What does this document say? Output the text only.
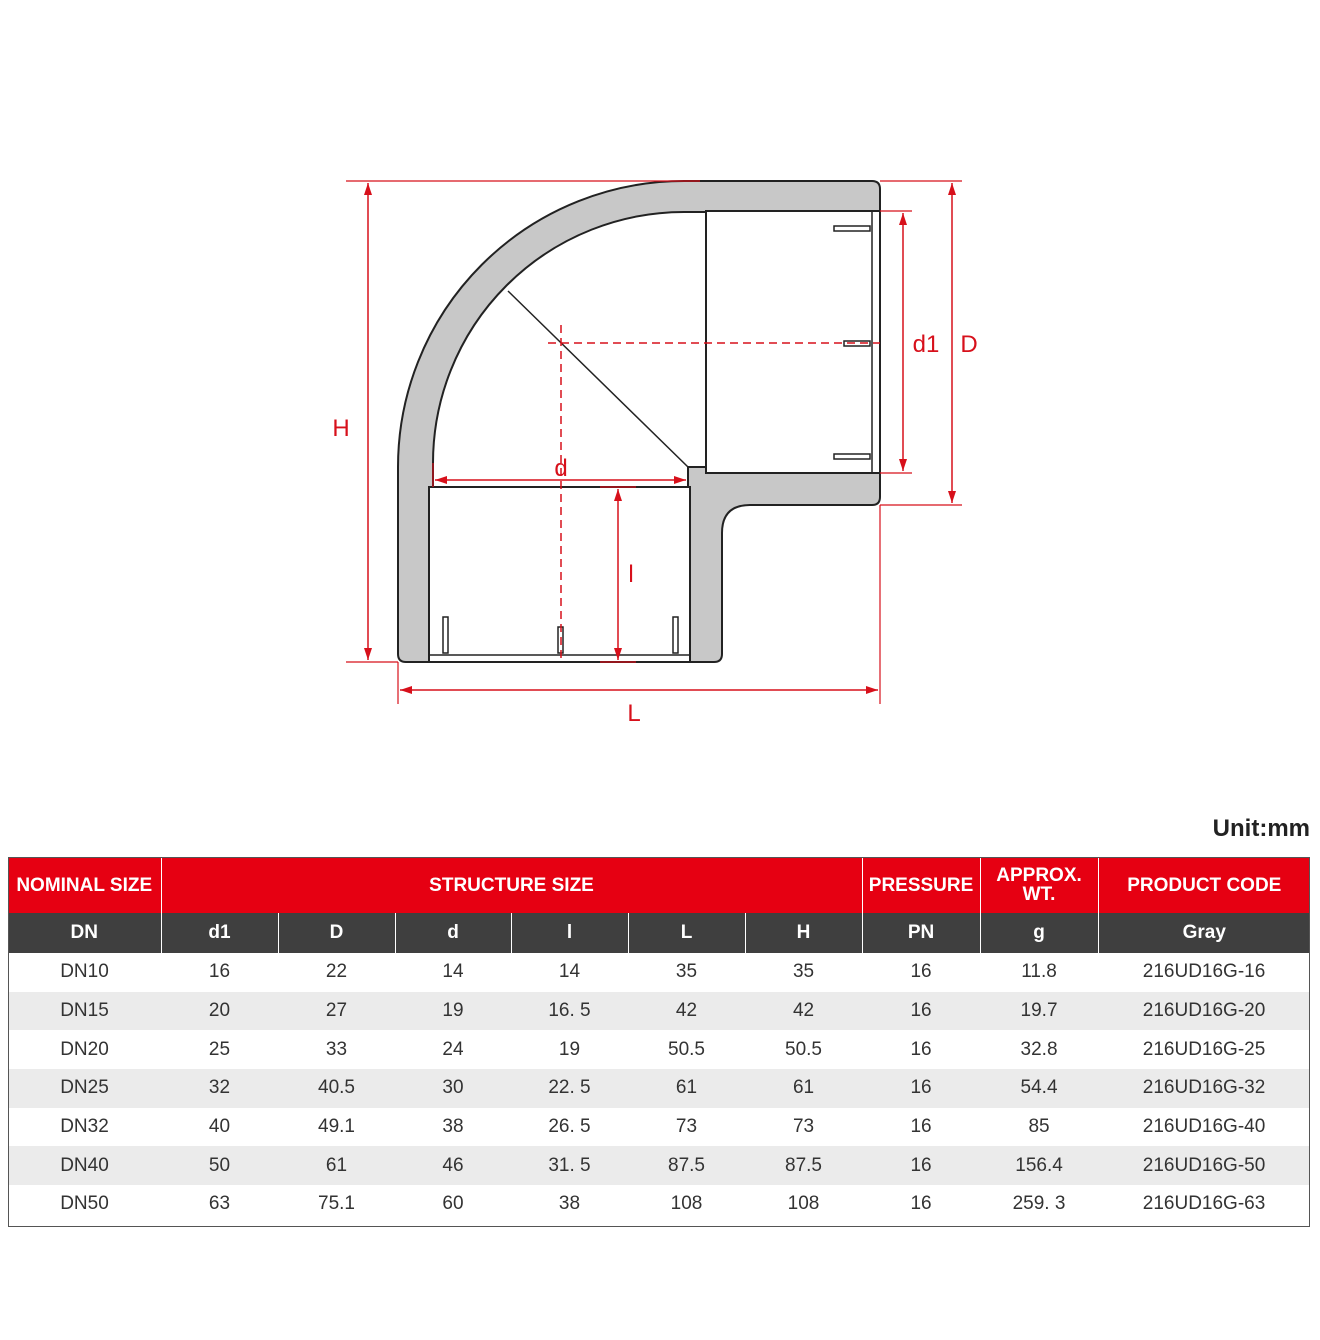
H
L
d
l
d1 D
Unit:mm
NOMINAL SIZE	STRUCTURE SIZE						PRESSURE	APPROX. WT.	PRODUCT CODE
DN	d1	D	d	l	L	H	PN	g	Gray
DN10	16	22	14	14	35	35	16	11.8	216UD16G-16
DN15	20	27	19	16. 5	42	42	16	19.7	216UD16G-20
DN20	25	33	24	19	50.5	50.5	16	32.8	216UD16G-25
DN25	32	40.5	30	22. 5	61	61	16	54.4	216UD16G-32
DN32	40	49.1	38	26. 5	73	73	16	85	216UD16G-40
DN40	50	61	46	31. 5	87.5	87.5	16	156.4	216UD16G-50
DN50	63	75.1	60	38	108	108	16	259. 3	216UD16G-63
